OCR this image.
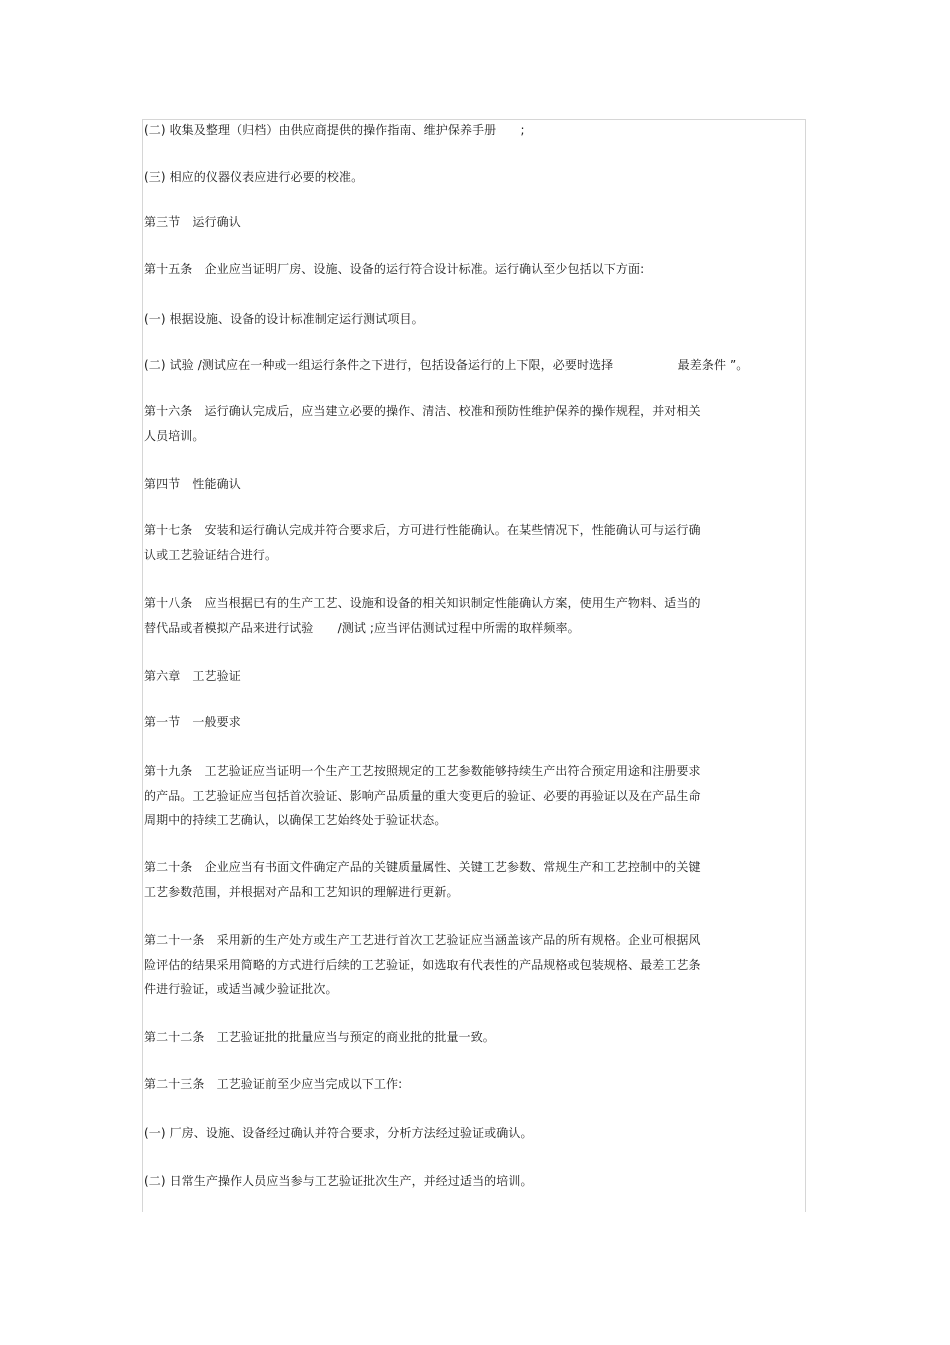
(二) 收集及整理（归档）由供应商提供的操作指南、维护保养手册　　;
(三) 相应的仪器仪表应进行必要的校准。
第三节　运行确认
第十五条　企业应当证明厂房、设施、设备的运行符合设计标准。运行确认至少包括以下方面:
(一) 根据设施、设备的设计标准制定运行测试项目。
(二) 试验 /测试应在一种或一组运行条件之下进行，包括设备运行的上下限，必要时选择　　　　　 最差条件 ”。
第十六条　运行确认完成后，应当建立必要的操作、清洁、校准和预防性维护保养的操作规程，并对相关
人员培训。
第四节　性能确认
第十七条　安装和运行确认完成并符合要求后，方可进行性能确认。在某些情况下，性能确认可与运行确
认或工艺验证结合进行。
第十八条　应当根据已有的生产工艺、设施和设备的相关知识制定性能确认方案，使用生产物料、适当的
替代品或者模拟产品来进行试验　　/测试 ;应当评估测试过程中所需的取样频率。
第六章　工艺验证
第一节　一般要求
第十九条　工艺验证应当证明一个生产工艺按照规定的工艺参数能够持续生产出符合预定用途和注册要求
的产品。工艺验证应当包括首次验证、影响产品质量的重大变更后的验证、必要的再验证以及在产品生命
周期中的持续工艺确认，以确保工艺始终处于验证状态。
第二十条　企业应当有书面文件确定产品的关键质量属性、关键工艺参数、常规生产和工艺控制中的关键
工艺参数范围，并根据对产品和工艺知识的理解进行更新。
第二十一条　采用新的生产处方或生产工艺进行首次工艺验证应当涵盖该产品的所有规格。企业可根据风
险评估的结果采用简略的方式进行后续的工艺验证，如选取有代表性的产品规格或包装规格、最差工艺条
件进行验证，或适当减少验证批次。
第二十二条　工艺验证批的批量应当与预定的商业批的批量一致。
第二十三条　工艺验证前至少应当完成以下工作:
(一) 厂房、设施、设备经过确认并符合要求，分析方法经过验证或确认。
(二) 日常生产操作人员应当参与工艺验证批次生产，并经过适当的培训。
